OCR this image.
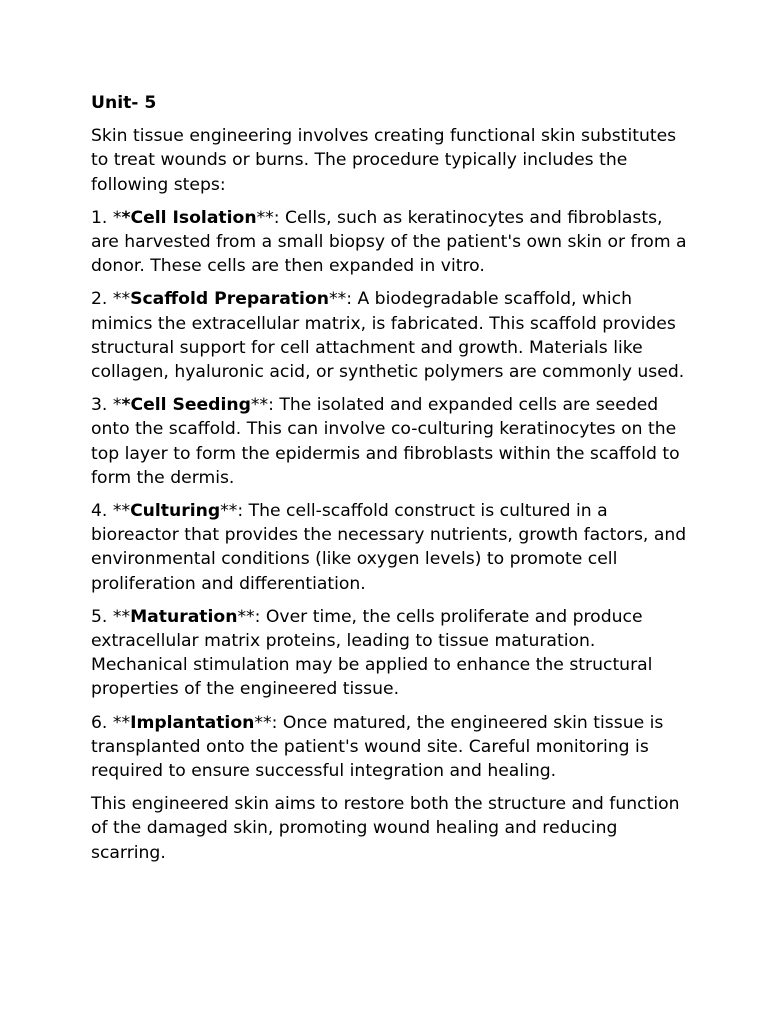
Unit- 5

Skin tissue engineering involves creating functional skin substitutes to treat wounds or burns. The procedure typically includes the following steps:

1. **Cell Isolation**: Cells, such as keratinocytes and fibroblasts, are harvested from a small biopsy of the patient's own skin or from a donor. These cells are then expanded in vitro.

2. **Scaffold Preparation**: A biodegradable scaffold, which mimics the extracellular matrix, is fabricated. This scaffold provides structural support for cell attachment and growth. Materials like collagen, hyaluronic acid, or synthetic polymers are commonly used.

3. **Cell Seeding**: The isolated and expanded cells are seeded onto the scaffold. This can involve co-culturing keratinocytes on the top layer to form the epidermis and fibroblasts within the scaffold to form the dermis.

4. **Culturing**: The cell-scaffold construct is cultured in a bioreactor that provides the necessary nutrients, growth factors, and environmental conditions (like oxygen levels) to promote cell proliferation and differentiation.

5. **Maturation**: Over time, the cells proliferate and produce extracellular matrix proteins, leading to tissue maturation. Mechanical stimulation may be applied to enhance the structural properties of the engineered tissue.

6. **Implantation**: Once matured, the engineered skin tissue is transplanted onto the patient's wound site. Careful monitoring is required to ensure successful integration and healing.

This engineered skin aims to restore both the structure and function of the damaged skin, promoting wound healing and reducing scarring.
